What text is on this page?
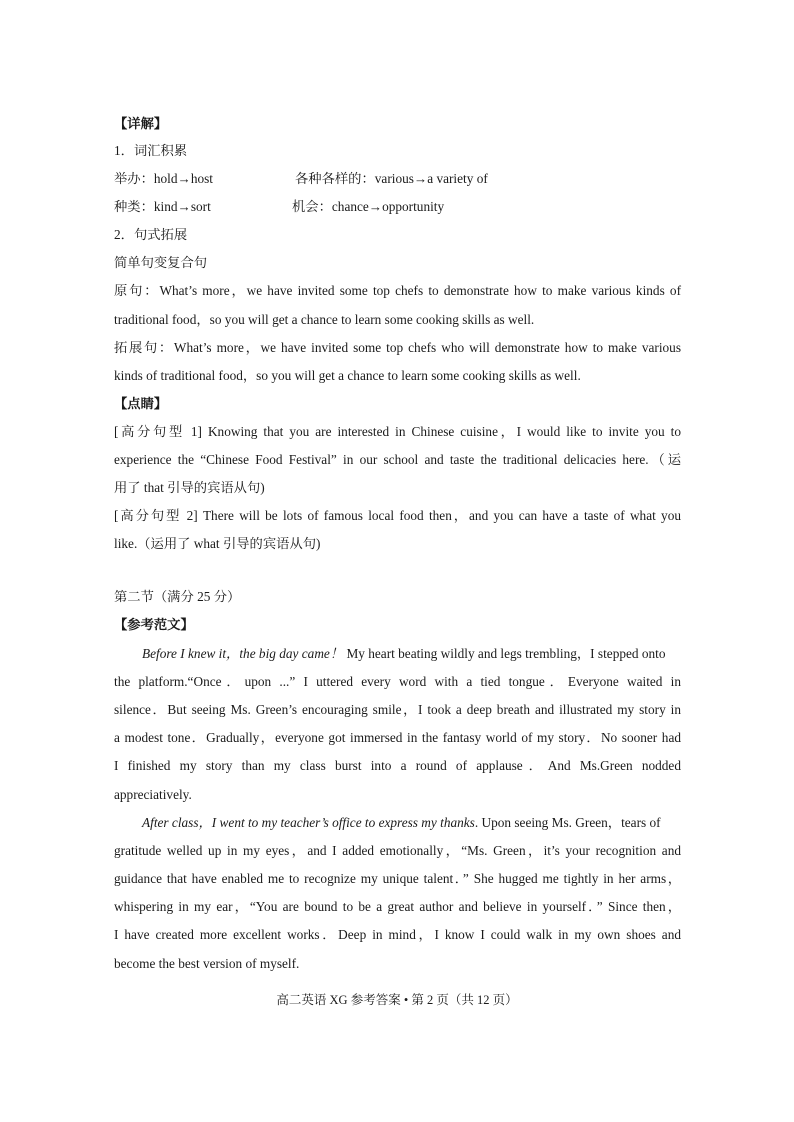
【详解】
1．词汇积累
举办：hold→host	各种各样的：various→a variety of
种类：kind→sort	机会：chance→opportunity
2．句式拓展
简单句变复合句
原句：What’s more，we have invited some top chefs to demonstrate how to make various kinds of
traditional food，so you will get a chance to learn some cooking skills as well.
拓展句：What’s more，we have invited some top chefs who will demonstrate how to make various
kinds of traditional food，so you will get a chance to learn some cooking skills as well.
【点睛】
[高分句型 1] Knowing that you are interested in Chinese cuisine，I would like to invite you to
experience the “Chinese Food Festival” in our school and taste the traditional delicacies here.（运
用了 that 引导的宾语从句)
[高分句型 2] There will be lots of famous local food then，and you can have a taste of what you
like.（运用了 what 引导的宾语从句)
第二节（满分 25 分）
【参考范文】
Before I knew it，the big day came！ My heart beating wildly and legs trembling，I stepped onto
the platform.“Once．upon ...” I uttered every word with a tied tongue．Everyone waited in
silence．But seeing Ms. Green’s encouraging smile，I took a deep breath and illustrated my story in
a modest tone．Gradually，everyone got immersed in the fantasy world of my story．No sooner had
I finished my story than my class burst into a round of applause．And Ms.Green nodded
appreciatively.
After class，I went to my teacher’s office to express my thanks. Upon seeing Ms. Green，tears of
gratitude welled up in my eyes，and I added emotionally，“Ms. Green，it’s your recognition and
guidance that have enabled me to recognize my unique talent．” She hugged me tightly in her arms，
whispering in my ear，“You are bound to be a great author and believe in yourself．” Since then，
I have created more excellent works．Deep in mind，I know I could walk in my own shoes and
become the best version of myself.
高二英语 XG 参考答案 • 第 2 页（共 12 页）
